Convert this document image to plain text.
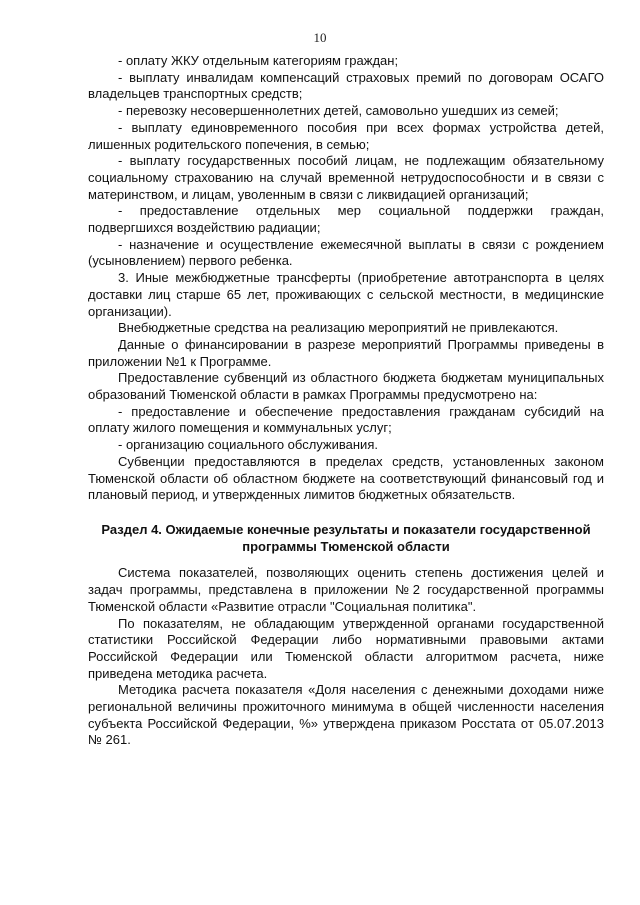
10

- оплату ЖКУ отдельным категориям граждан;

- выплату инвалидам компенсаций страховых премий по договорам ОСАГО владельцев транспортных средств;

- перевозку несовершеннолетних детей, самовольно ушедших из семей;

- выплату единовременного пособия при всех формах устройства детей, лишенных родительского попечения, в семью;

- выплату государственных пособий лицам, не подлежащим обязательному социальному страхованию на случай временной нетрудоспособности и в связи с материнством, и лицам, уволенным в связи с ликвидацией организаций;

- предоставление отдельных мер социальной поддержки граждан, подвергшихся воздействию радиации;

- назначение и осуществление ежемесячной выплаты в связи с рождением (усыновлением) первого ребенка.

3. Иные межбюджетные трансферты (приобретение автотранспорта в целях доставки лиц старше 65 лет, проживающих с сельской местности, в медицинские организации).

Внебюджетные средства на реализацию мероприятий не привлекаются.

Данные о финансировании в разрезе мероприятий Программы приведены в приложении №1 к Программе.

Предоставление субвенций из областного бюджета бюджетам муниципальных образований Тюменской области в рамках Программы предусмотрено на:

- предоставление и обеспечение предоставления гражданам субсидий на оплату жилого помещения и коммунальных услуг;

- организацию социального обслуживания.

Субвенции предоставляются в пределах средств, установленных законом Тюменской области об областном бюджете на соответствующий финансовый год и плановый период, и утвержденных лимитов бюджетных обязательств.

Раздел 4. Ожидаемые конечные результаты и показатели государственной программы Тюменской области

Система показателей, позволяющих оценить степень достижения целей и задач программы, представлена в приложении №2 государственной программы Тюменской области «Развитие отрасли "Социальная политика".

По показателям, не обладающим утвержденной органами государственной статистики Российской Федерации либо нормативными правовыми актами Российской Федерации или Тюменской области алгоритмом расчета, ниже приведена методика расчета.

Методика расчета показателя «Доля населения с денежными доходами ниже региональной величины прожиточного минимума в общей численности населения субъекта Российской Федерации, %» утверждена приказом Росстата от 05.07.2013 № 261.
